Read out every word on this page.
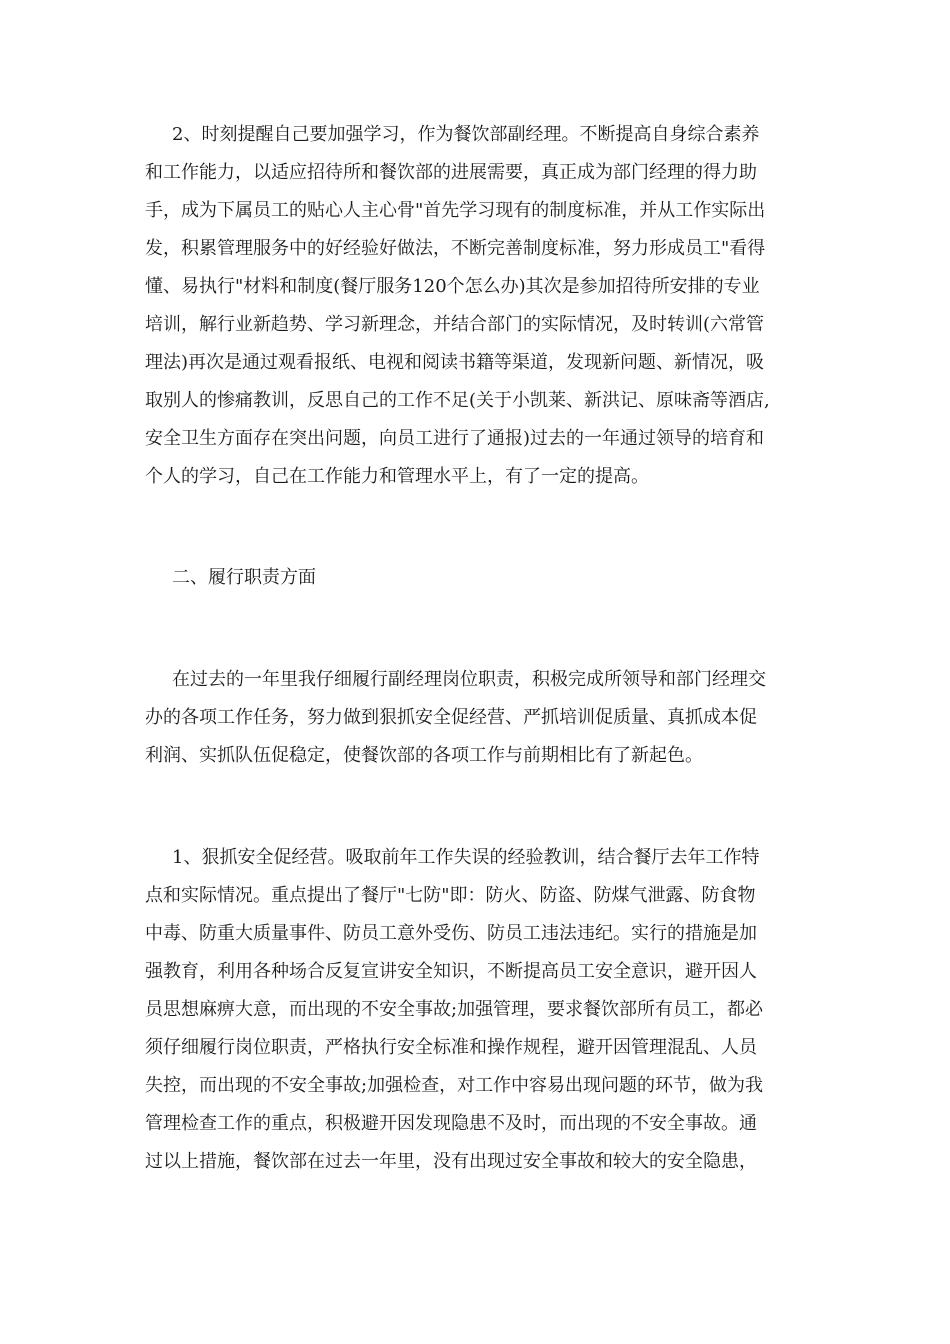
2、时刻提醒自己要加强学习，作为餐饮部副经理。不断提高自身综合素养
和工作能力，以适应招待所和餐饮部的进展需要，真正成为部门经理的得力助
手，成为下属员工的贴心人主心骨"首先学习现有的制度标准，并从工作实际出
发，积累管理服务中的好经验好做法，不断完善制度标准，努力形成员工"看得
懂、易执行"材料和制度(餐厅服务120个怎么办)其次是参加招待所安排的专业
培训，解行业新趋势、学习新理念，并结合部门的实际情况，及时转训(六常管
理法)再次是通过观看报纸、电视和阅读书籍等渠道，发现新问题、新情况，吸
取别人的惨痛教训，反思自己的工作不足(关于小凯莱、新洪记、原味斋等酒店,
安全卫生方面存在突出问题，向员工进行了通报)过去的一年通过领导的培育和
个人的学习，自己在工作能力和管理水平上，有了一定的提高。
二、履行职责方面
在过去的一年里我仔细履行副经理岗位职责，积极完成所领导和部门经理交
办的各项工作任务，努力做到狠抓安全促经营、严抓培训促质量、真抓成本促
利润、实抓队伍促稳定，使餐饮部的各项工作与前期相比有了新起色。
1、狠抓安全促经营。吸取前年工作失误的经验教训，结合餐厅去年工作特
点和实际情况。重点提出了餐厅"七防"即：防火、防盗、防煤气泄露、防食物
中毒、防重大质量事件、防员工意外受伤、防员工违法违纪。实行的措施是加
强教育，利用各种场合反复宣讲安全知识，不断提高员工安全意识，避开因人
员思想麻痹大意，而出现的不安全事故;加强管理，要求餐饮部所有员工，都必
须仔细履行岗位职责，严格执行安全标准和操作规程，避开因管理混乱、人员
失控，而出现的不安全事故;加强检查，对工作中容易出现问题的环节，做为我
管理检查工作的重点，积极避开因发现隐患不及时，而出现的不安全事故。通
过以上措施，餐饮部在过去一年里，没有出现过安全事故和较大的安全隐患，
